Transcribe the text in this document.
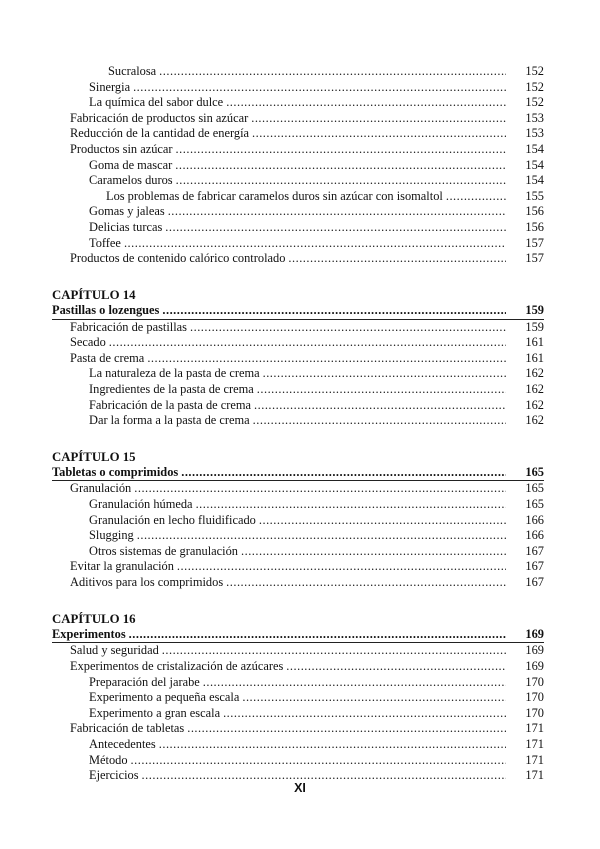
Sucralosa .....	152
Sinergia .....	152
La química del sabor dulce .....	152
Fabricación de productos sin azúcar .....	153
Reducción de la cantidad de energía .....	153
Productos sin azúcar .....	154
Goma de mascar .....	154
Caramelos duros .....	154
Los problemas de fabricar caramelos duros sin azúcar con isomaltol .....	155
Gomas y jaleas .....	156
Delicias turcas .....	156
Toffee .....	157
Productos de contenido calórico controlado .....	157
CAPÍTULO 14
Pastillas o lozengues .....	159
Fabricación de pastillas .....	159
Secado .....	161
Pasta de crema .....	161
La naturaleza de la pasta de crema .....	162
Ingredientes de la pasta de crema .....	162
Fabricación de la pasta de crema .....	162
Dar la forma a la pasta de crema .....	162
CAPÍTULO 15
Tabletas o comprimidos .....	165
Granulación .....	165
Granulación húmeda .....	165
Granulación en lecho fluidificado .....	166
Slugging .....	166
Otros sistemas de granulación .....	167
Evitar la granulación .....	167
Aditivos para los comprimidos .....	167
CAPÍTULO 16
Experimentos .....	169
Salud y seguridad .....	169
Experimentos de cristalización de azúcares .....	169
Preparación del jarabe .....	170
Experimento a pequeña escala .....	170
Experimento a gran escala .....	170
Fabricación de tabletas .....	171
Antecedentes .....	171
Método .....	171
Ejercicios .....	171
XI
